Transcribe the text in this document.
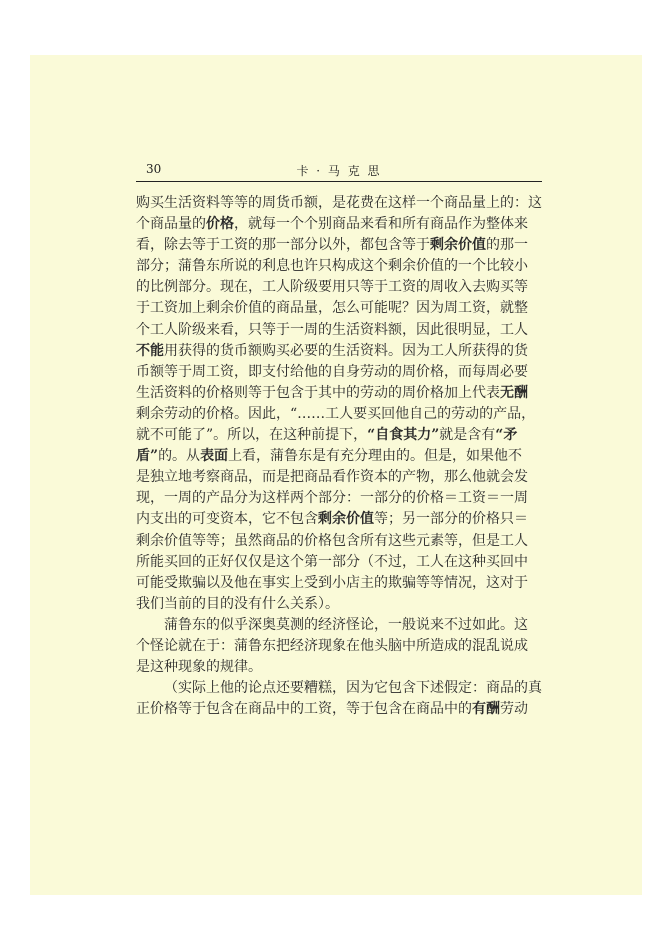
30	卡 · 马 克 思
购买生活资料等等的周货币额，是花费在这样一个商品量上的：这
个商品量的价格，就每一个个别商品来看和所有商品作为整体来
看，除去等于工资的那一部分以外，都包含等于剩余价值的那一
部分；蒲鲁东所说的利息也许只构成这个剩余价值的一个比较小
的比例部分。现在，工人阶级要用只等于工资的周收入去购买等
于工资加上剩余价值的商品量，怎么可能呢？因为周工资，就整
个工人阶级来看，只等于一周的生活资料额，因此很明显，工人
不能用获得的货币额购买必要的生活资料。因为工人所获得的货
币额等于周工资，即支付给他的自身劳动的周价格，而每周必要
生活资料的价格则等于包含于其中的劳动的周价格加上代表无酬
剩余劳动的价格。因此，“……工人要买回他自己的劳动的产品，
就不可能了”。所以，在这种前提下，“自食其力”就是含有“矛
盾”的。从表面上看，蒲鲁东是有充分理由的。但是，如果他不
是独立地考察商品，而是把商品看作资本的产物，那么他就会发
现，一周的产品分为这样两个部分：一部分的价格＝工资＝一周
内支出的可变资本，它不包含剩余价值等；另一部分的价格只＝
剩余价值等等；虽然商品的价格包含所有这些元素等，但是工人
所能买回的正好仅仅是这个第一部分（不过，工人在这种买回中
可能受欺骗以及他在事实上受到小店主的欺骗等等情况，这对于
我们当前的目的没有什么关系）。
蒲鲁东的似乎深奥莫测的经济怪论，一般说来不过如此。这
个怪论就在于：蒲鲁东把经济现象在他头脑中所造成的混乱说成
是这种现象的规律。
（实际上他的论点还要糟糕，因为它包含下述假定：商品的真
正价格等于包含在商品中的工资，等于包含在商品中的有酬劳动
